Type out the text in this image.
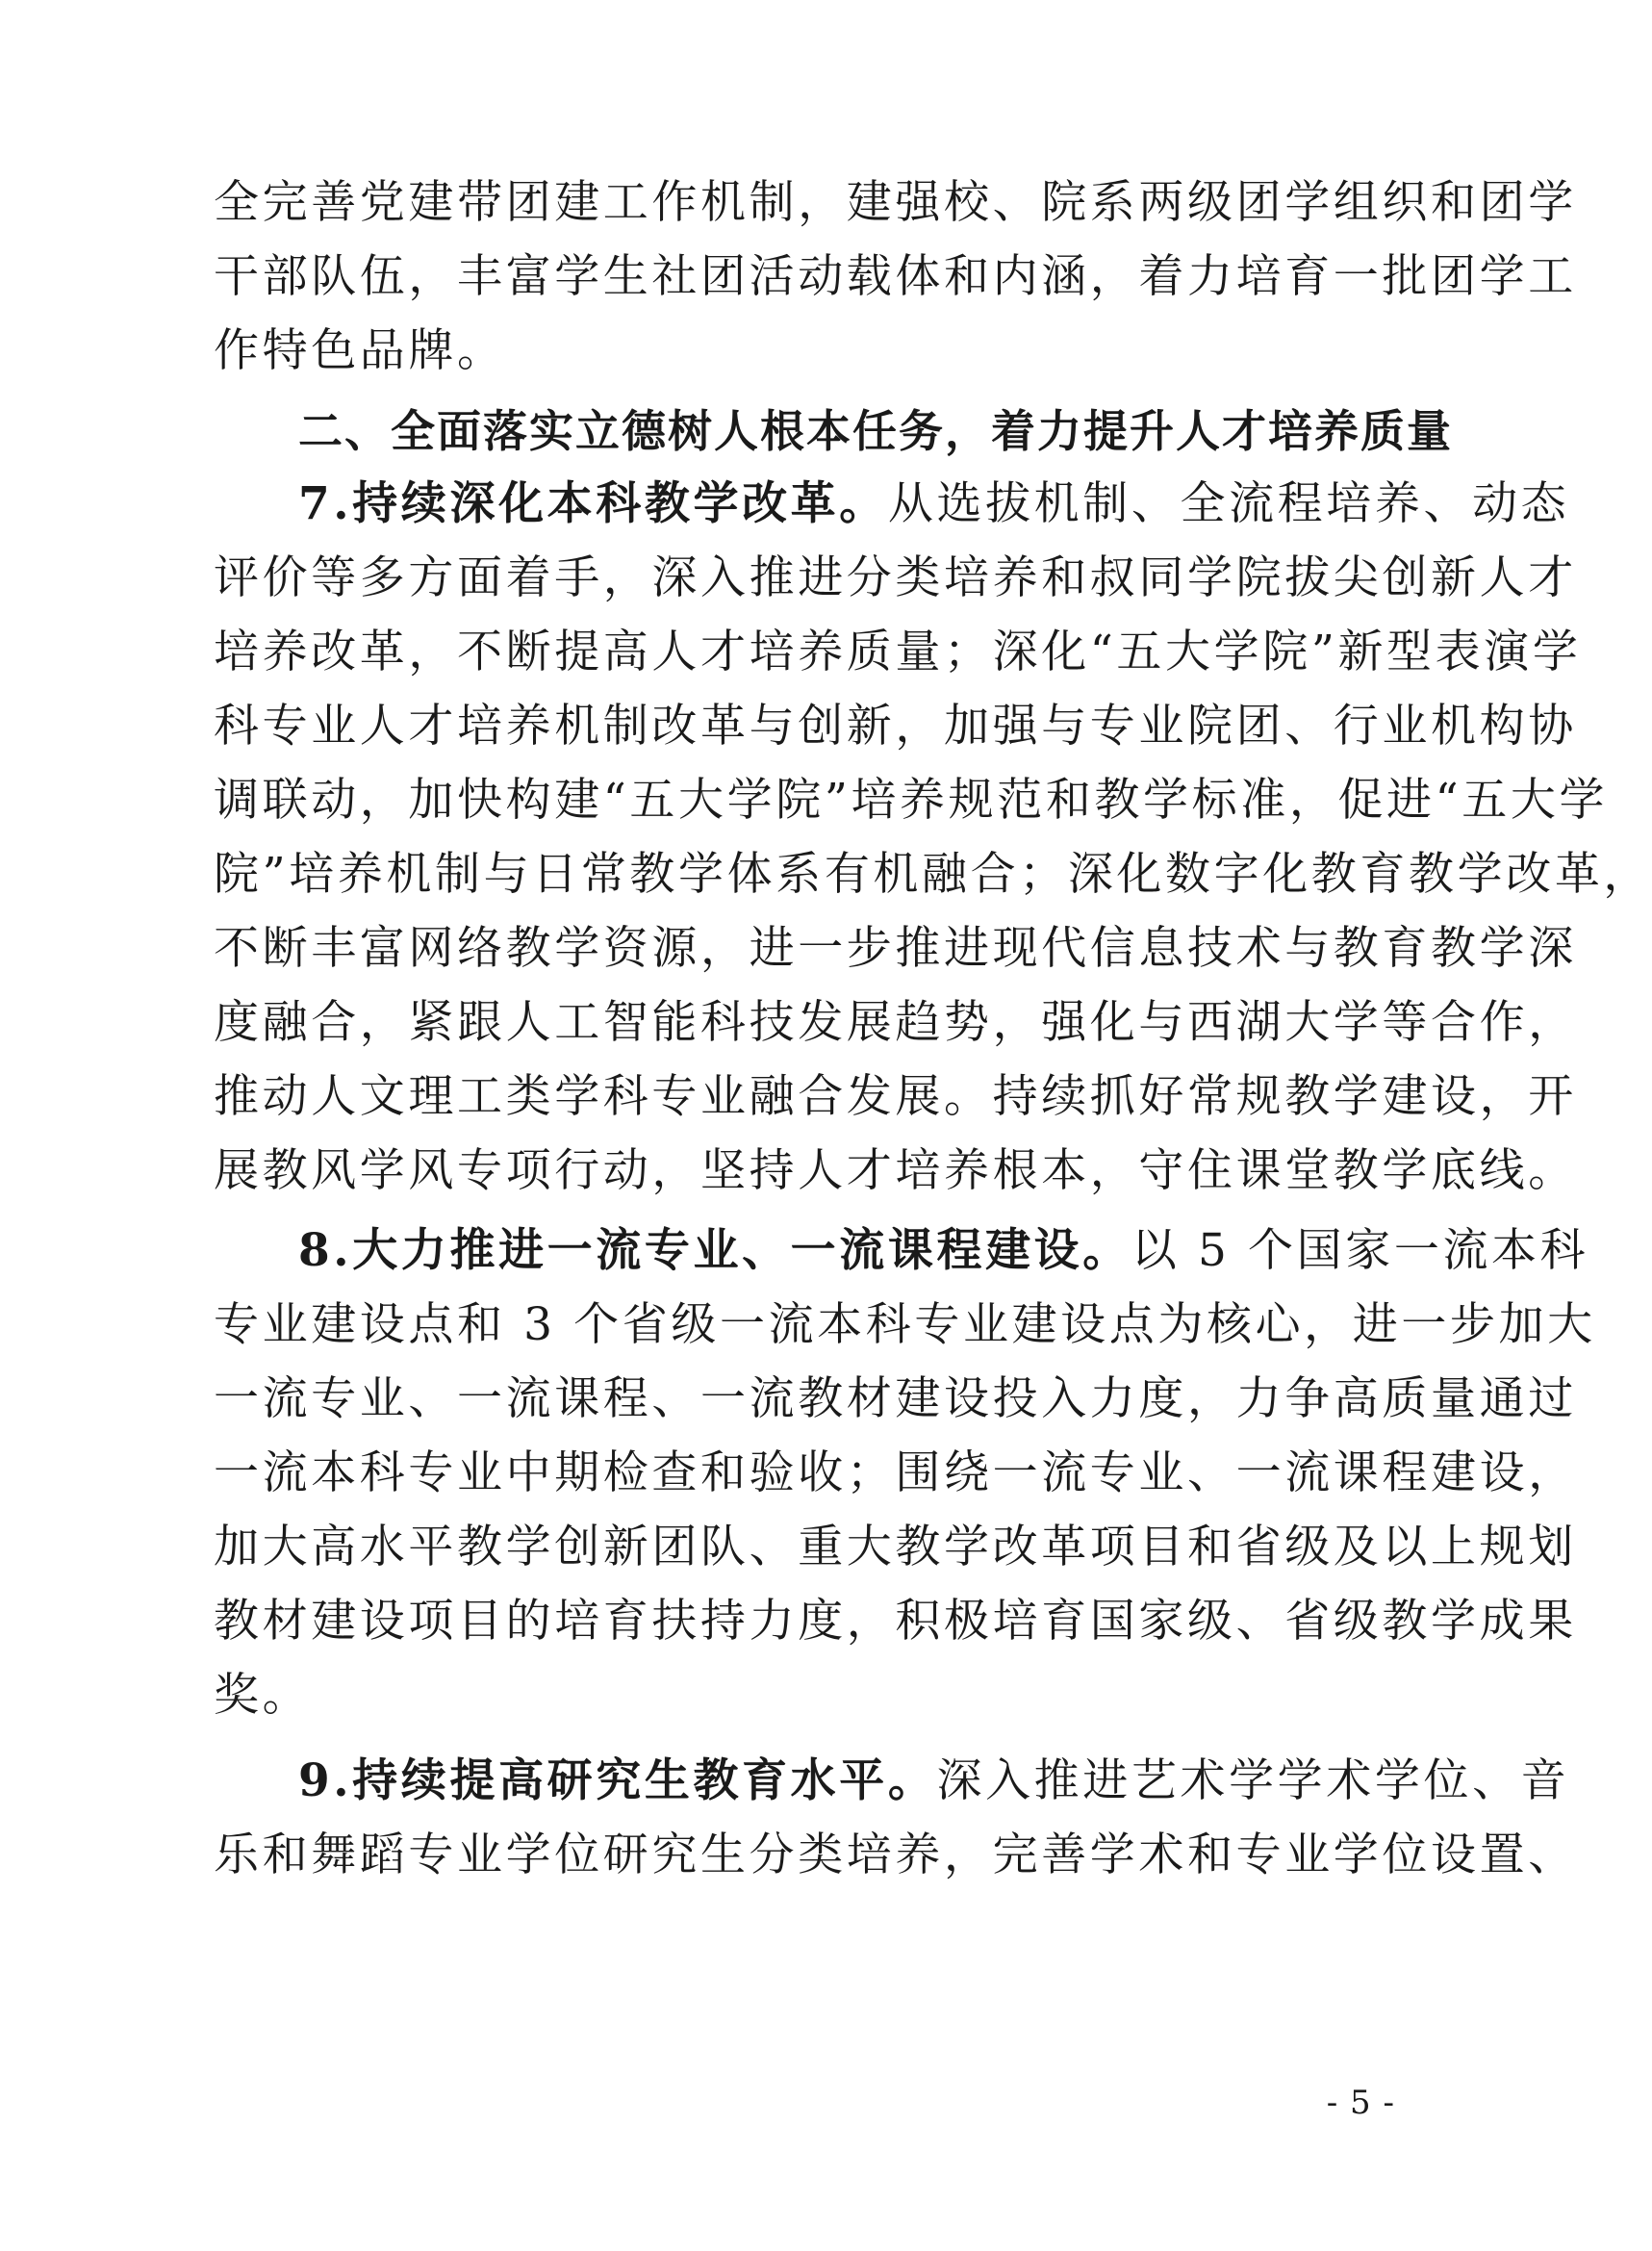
全完善党建带团建工作机制，建强校、院系两级团学组织和团学
干部队伍，丰富学生社团活动载体和内涵，着力培育一批团学工
作特色品牌。
二、全面落实立德树人根本任务，着力提升人才培养质量
7.持续深化本科教学改革。从选拔机制、全流程培养、动态
评价等多方面着手，深入推进分类培养和叔同学院拔尖创新人才
培养改革，不断提高人才培养质量；深化“五大学院”新型表演学
科专业人才培养机制改革与创新，加强与专业院团、行业机构协
调联动，加快构建“五大学院”培养规范和教学标准，促进“五大学
院”培养机制与日常教学体系有机融合；深化数字化教育教学改革，
不断丰富网络教学资源，进一步推进现代信息技术与教育教学深
度融合，紧跟人工智能科技发展趋势，强化与西湖大学等合作，
推动人文理工类学科专业融合发展。持续抓好常规教学建设，开
展教风学风专项行动，坚持人才培养根本，守住课堂教学底线。
8.大力推进一流专业、一流课程建设。以 5 个国家一流本科
专业建设点和 3 个省级一流本科专业建设点为核心，进一步加大
一流专业、一流课程、一流教材建设投入力度，力争高质量通过
一流本科专业中期检查和验收；围绕一流专业、一流课程建设，
加大高水平教学创新团队、重大教学改革项目和省级及以上规划
教材建设项目的培育扶持力度，积极培育国家级、省级教学成果
奖。
9.持续提高研究生教育水平。深入推进艺术学学术学位、音
乐和舞蹈专业学位研究生分类培养，完善学术和专业学位设置、
- 5 -
